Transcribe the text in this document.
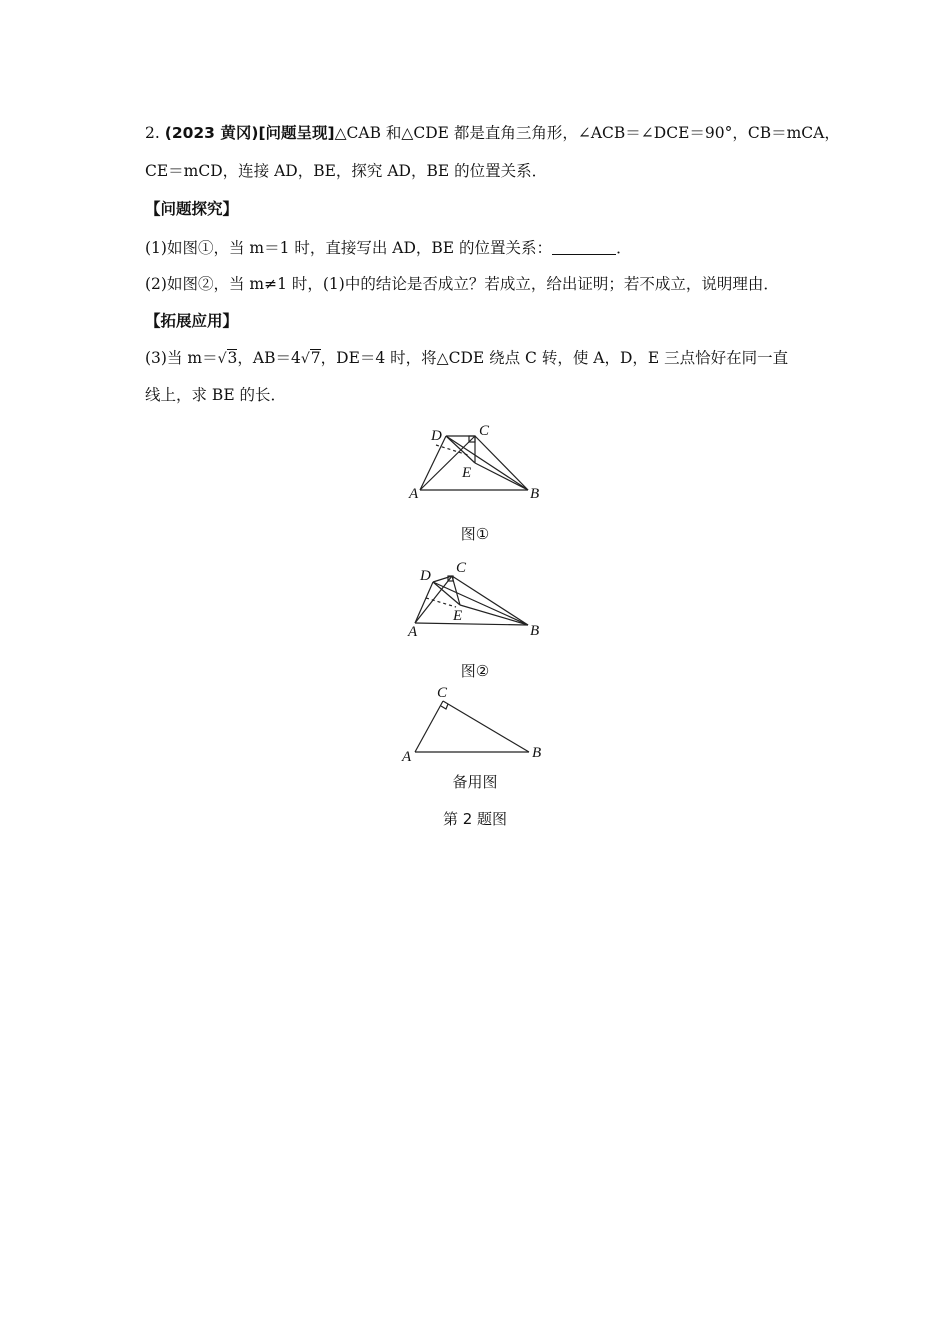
2. (2023 黄冈)[问题呈现]△CAB 和△CDE 都是直角三角形，∠ACB＝∠DCE＝90°，CB＝mCA，
CE＝mCD，连接 AD，BE，探究 AD，BE 的位置关系．
【问题探究】
(1)如图①，当 m＝1 时，直接写出 AD，BE 的位置关系：	．
(2)如图②，当 m≠1 时，(1)中的结论是否成立？若成立，给出证明；若不成立，说明理由．
【拓展应用】
(3)当 m＝√3，AB＝4√7，DE＝4 时，将△CDE 绕点 C 转，使 A，D，E 三点恰好在同一直
线上，求 BE 的长．
A	B
C
D
E
图①
A	B
C
D
E
图②
A	B
C
备用图
第 2 题图
